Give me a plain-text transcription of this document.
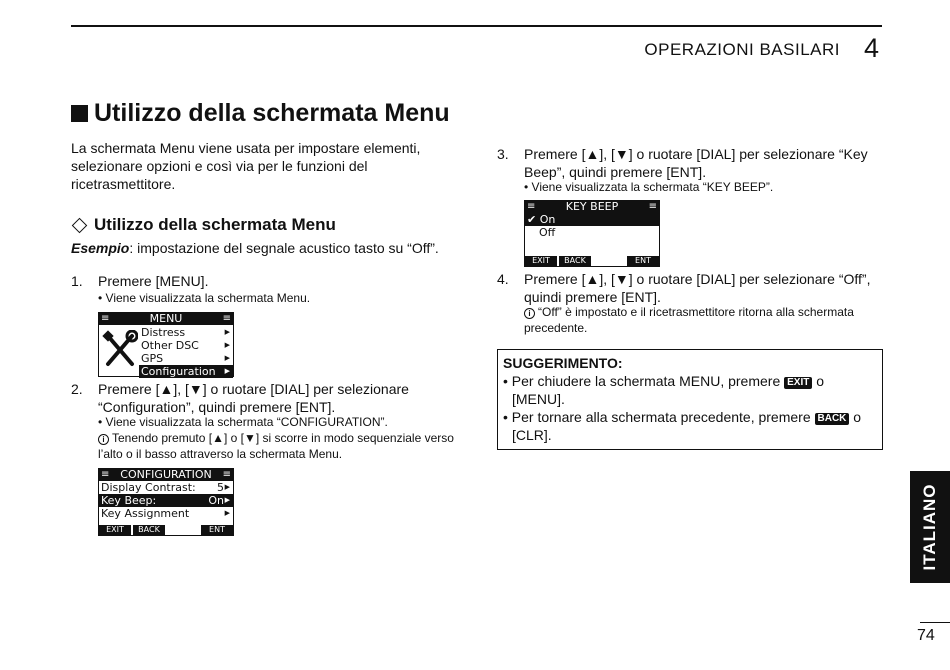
OPERAZIONI BASILARI 4
Utilizzo della schermata Menu
La schermata Menu viene usata per impostare elementi, selezionare opzioni e così via per le funzioni del ricetrasmettitore.
Utilizzo della schermata Menu
Esempio: impostazione del segnale acustico tasto su “Off”.
1. Premere [MENU].
• Viene visualizzata la schermata Menu.
≡	MENU	≡
Distress	▶
Other DSC	▶
GPS	▶
Configuration ▶
2. Premere [▲], [▼] o ruotare [DIAL] per selezionare “Configuration”, quindi premere [ENT].
• Viene visualizzata la schermata “CONFIGURATION”.
i Tenendo premuto [▲] o [▼] si scorre in modo sequenziale verso l’alto o il basso attraverso la schermata Menu.
≡ CONFIGURATION ≡
Display Contrast: 5 ▶
Key Beep:	On ▶
Key Assignment	▶
EXIT	BACK	ENT
3. Premere [▲], [▼] o ruotare [DIAL] per selezionare “Key Beep”, quindi premere [ENT].
• Viene visualizzata la schermata “KEY BEEP”.
≡	KEY BEEP	≡
✔ On
Off
EXIT	BACK	ENT
4. Premere [▲], [▼] o ruotare [DIAL] per selezionare “Off”, quindi premere [ENT].
i “Off” è impostato e il ricetrasmettitore ritorna alla schermata precedente.
SUGGERIMENTO:
• Per chiudere la schermata MENU, premere EXIT o
[MENU].
• Per tornare alla schermata precedente, premere BACK o
[CLR].
ITALIANO
74
